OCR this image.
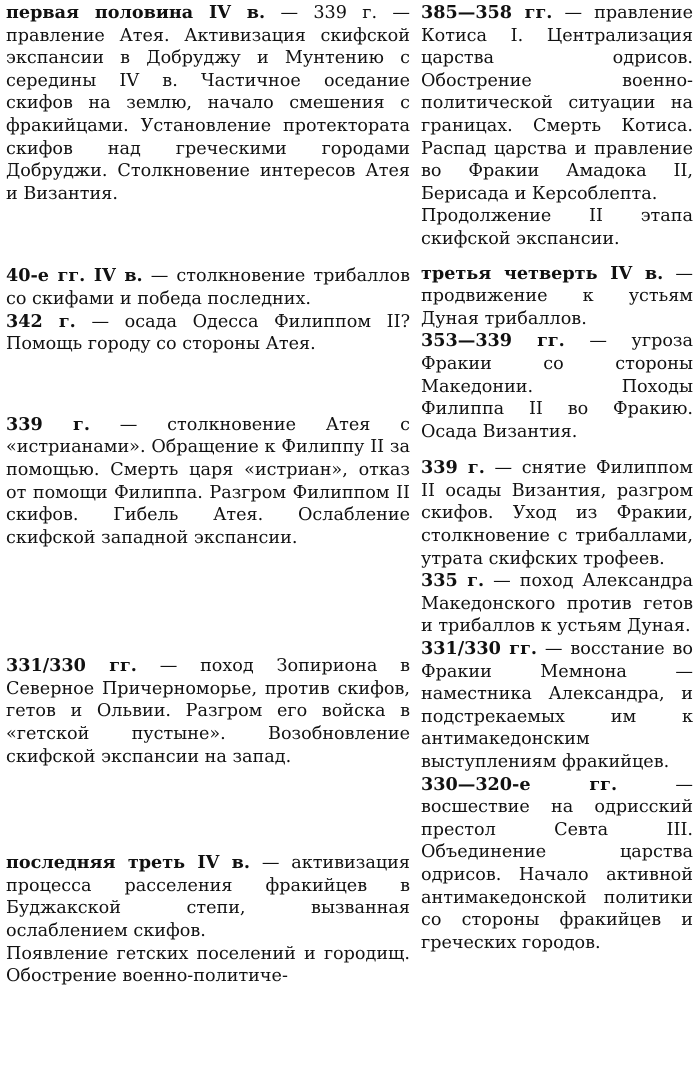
первая половина IV в. — 339 г. — правление Атея. Активизация скифской экспансии в Добруджу и Мунтению с середины IV в. Частичное оседание скифов на землю, начало смешения с фракийцами. Установление протектората скифов над греческими городами Добруджи. Столкновение интересов Атея и Византия.

40-е гг. IV в. — столкновение трибаллов со скифами и победа последних.

342 г. — осада Одесса Филиппом II? Помощь городу со стороны Атея.

339 г. — столкновение Атея с «истрианами». Обращение к Филиппу II за помощью. Смерть царя «истриан», отказ от помощи Филиппа. Разгром Филиппом II скифов. Гибель Атея. Ослабление скифской западной экспансии.

331/330 гг. — поход Зопириона в Северное Причерноморье, против скифов, гетов и Ольвии. Разгром его войска в «гетской пустыне». Возобновление скифской экспансии на запад.

последняя треть IV в. — активизация процесса расселения фракийцев в Буджакской степи, вызванная ослаблением скифов.

Появление гетских поселений и городищ. Обострение военно-политиче-

385—358 гг. — правление Котиса I. Централизация царства одрисов. Обострение военно-политической ситуации на границах. Смерть Котиса. Распад царства и правление во Фракии Амадока II, Берисада и Керсоблепта.

Продолжение II этапа скифской экспансии.

третья четверть IV в. — продвижение к устьям Дуная трибаллов.

353—339 гг. — угроза Фракии со стороны Македонии. Походы Филиппа II во Фракию. Осада Византия.

339 г. — снятие Филиппом II осады Византия, разгром скифов. Уход из Фракии, столкновение с трибаллами, утрата скифских трофеев.

335 г. — поход Александра Македонского против гетов и трибаллов к устьям Дуная.

331/330 гг. — восстание во Фракии Мемнона — наместника Александра, и подстрекаемых им к антимакедонским выступлениям фракийцев.

330—320-е гг.	— восшествие на одрисский престол Севта III. Объединение царства одрисов. Начало активной антимакедонской политики со стороны фракийцев и греческих городов.
